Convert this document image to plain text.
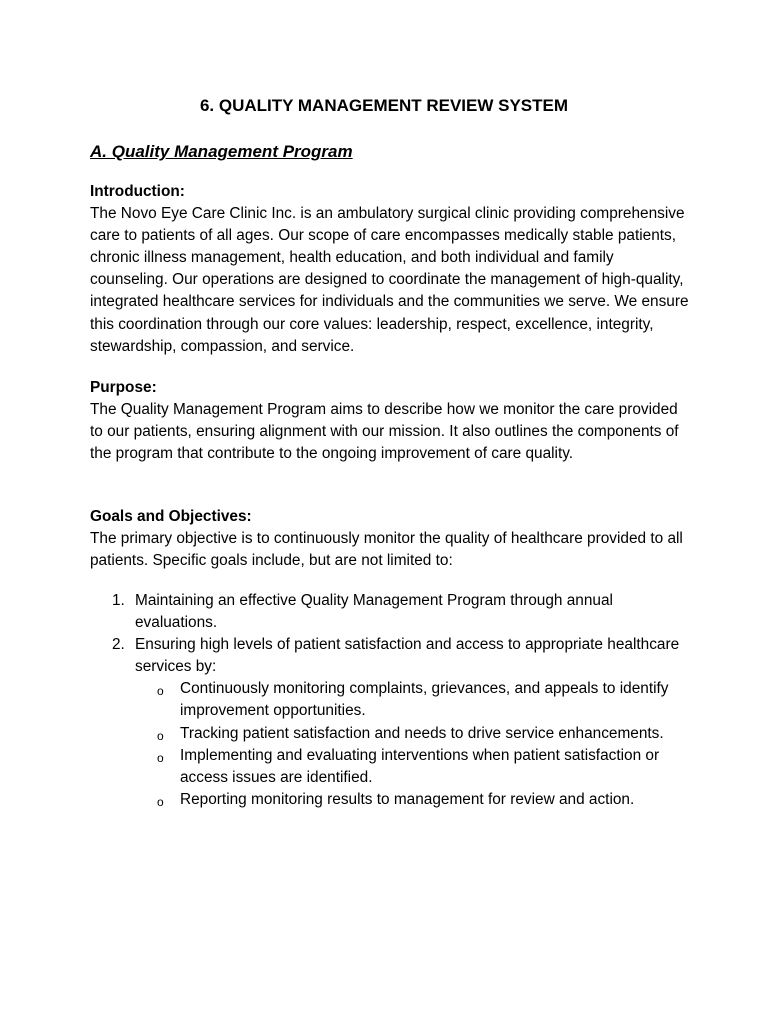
6. QUALITY MANAGEMENT REVIEW SYSTEM
A. Quality Management Program
Introduction:

The Novo Eye Care Clinic Inc. is an ambulatory surgical clinic providing comprehensive care to patients of all ages. Our scope of care encompasses medically stable patients, chronic illness management, health education, and both individual and family counseling. Our operations are designed to coordinate the management of high-quality, integrated healthcare services for individuals and the communities we serve. We ensure this coordination through our core values: leadership, respect, excellence, integrity, stewardship, compassion, and service.

Purpose:

The Quality Management Program aims to describe how we monitor the care provided to our patients, ensuring alignment with our mission. It also outlines the components of the program that contribute to the ongoing improvement of care quality.

Goals and Objectives:

The primary objective is to continuously monitor the quality of healthcare provided to all patients. Specific goals include, but are not limited to:

1. Maintaining an effective Quality Management Program through annual evaluations.
2. Ensuring high levels of patient satisfaction and access to appropriate healthcare services by:
o Continuously monitoring complaints, grievances, and appeals to identify improvement opportunities.
o Tracking patient satisfaction and needs to drive service enhancements.
o Implementing and evaluating interventions when patient satisfaction or access issues are identified.
o Reporting monitoring results to management for review and action.
